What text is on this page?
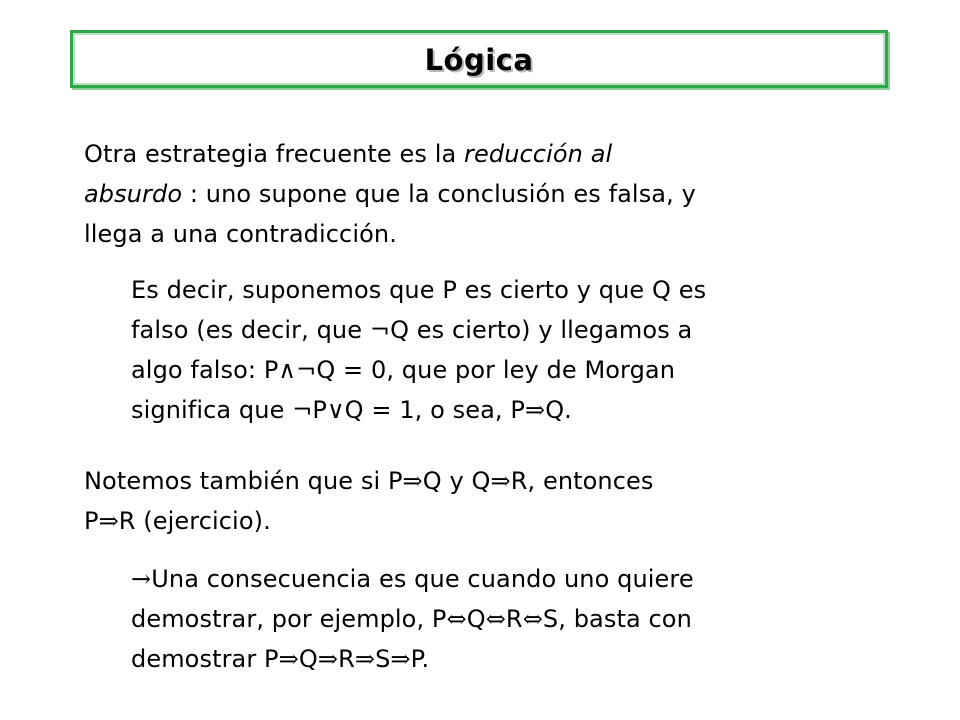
Lógica
Otra estrategia frecuente es la reducción al
absurdo : uno supone que la conclusión es falsa, y
llega a una contradicción.
Es decir, suponemos que P es cierto y que Q es
falso (es decir, que ¬Q es cierto) y llegamos a
algo falso: P∧¬Q = 0, que por ley de Morgan
significa que ¬P∨Q = 1, o sea, P⇒Q.
Notemos también que si P⇒Q y Q⇒R, entonces
P⇒R (ejercicio).
→Una consecuencia es que cuando uno quiere
demostrar, por ejemplo, P⇔Q⇔R⇔S, basta con
demostrar P⇒Q⇒R⇒S⇒P.
